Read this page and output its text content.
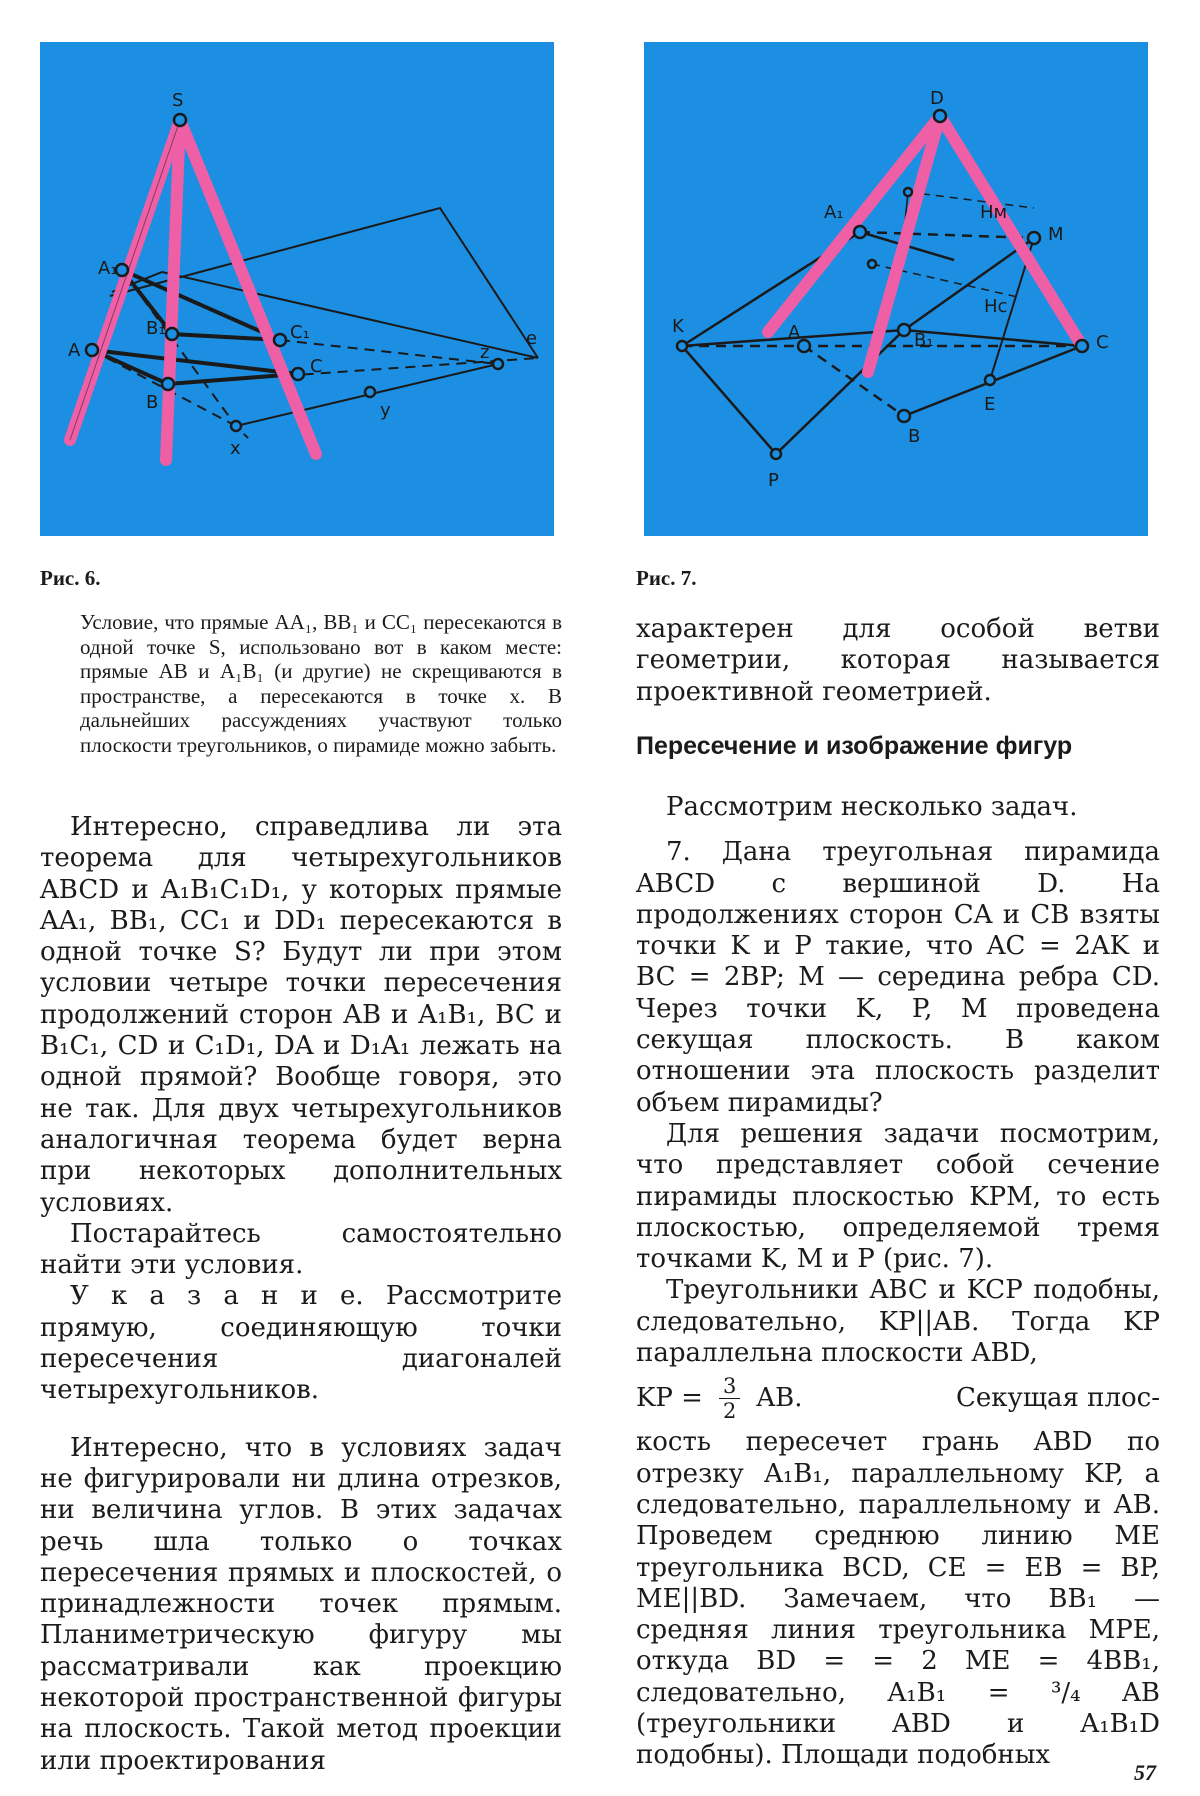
S
A₁
B₁	C₁
A
B
C
x
y
z
e
D
M
Hм
Hc
A₁
K	A	B₁	C
B
E
P
Рис. 6.	Рис. 7.
Условие, что прямые AA₁, BB₁ и CC₁ пересекаются в одной точке S, использовано вот в каком месте: прямые AB и A₁B₁ (и другие) не скрещиваются в пространстве, а пересекаются в точке x. В дальнейших рассуждениях участвуют только плоскости треугольников, о пирамиде можно забыть.

Интересно, справедлива ли эта теорема для четырехугольников ABCD и A₁B₁C₁D₁, у которых прямые AA₁, BB₁, CC₁ и DD₁ пересекаются в одной точке S? Будут ли при этом условии четыре точки пересечения продолжений сторон AB и A₁B₁, BC и B₁C₁, CD и C₁D₁, DA и D₁A₁ лежать на одной прямой? Вообще говоря, это не так. Для двух четырехугольников аналогичная теорема будет верна при некоторых дополнительных условиях.

Постарайтесь самостоятельно найти эти условия.

У к а з а н и е. Рассмотрите прямую, соединяющую точки пересечения диагоналей четырехугольников.

Интересно, что в условиях задач не фигурировали ни длина отрезков, ни величина углов. В этих задачах речь шла только о точках пересечения прямых и плоскостей, о принадлежности точек прямым. Планиметрическую фигуру мы рассматривали как проекцию некоторой пространственной фигуры на плоскость. Такой метод проекции или проектирования

характерен для особой ветви геометрии, которая называется проективной геометрией.

Пересечение и изображение фигур

Рассмотрим несколько задач.

7. Дана треугольная пирамида ABCD с вершиной D. На продолжениях сторон CA и CB взяты точки K и P такие, что AC = 2AK и BC = 2BP; M — середина ребра CD. Через точки K, P, M проведена секущая плоскость. В каком отношении эта плоскость разделит объем пирамиды?

Для решения задачи посмотрим, что представляет собой сечение пирамиды плоскостью KPM, то есть плоскостью, определяемой тремя точками K, M и P (рис. 7).

Треугольники ABC и KCP подобны, следовательно, KP||AB. Тогда KP параллельна плоскости ABD,

KP = $\frac{3}{2}$ AB.	Секущая плос-

кость пересечет грань ABD по отрезку A₁B₁, параллельному KP, а следовательно, параллельному и AB. Проведем среднюю линию ME треугольника BCD, CE = EB = BP, ME||BD. Замечаем, что BB₁ — средняя линия треугольника MPE, откуда BD = = 2 ME = 4BB₁, следовательно, A₁B₁ = ³/₄ AB (треугольники ABD и A₁B₁D подобны). Площади подобных

57
